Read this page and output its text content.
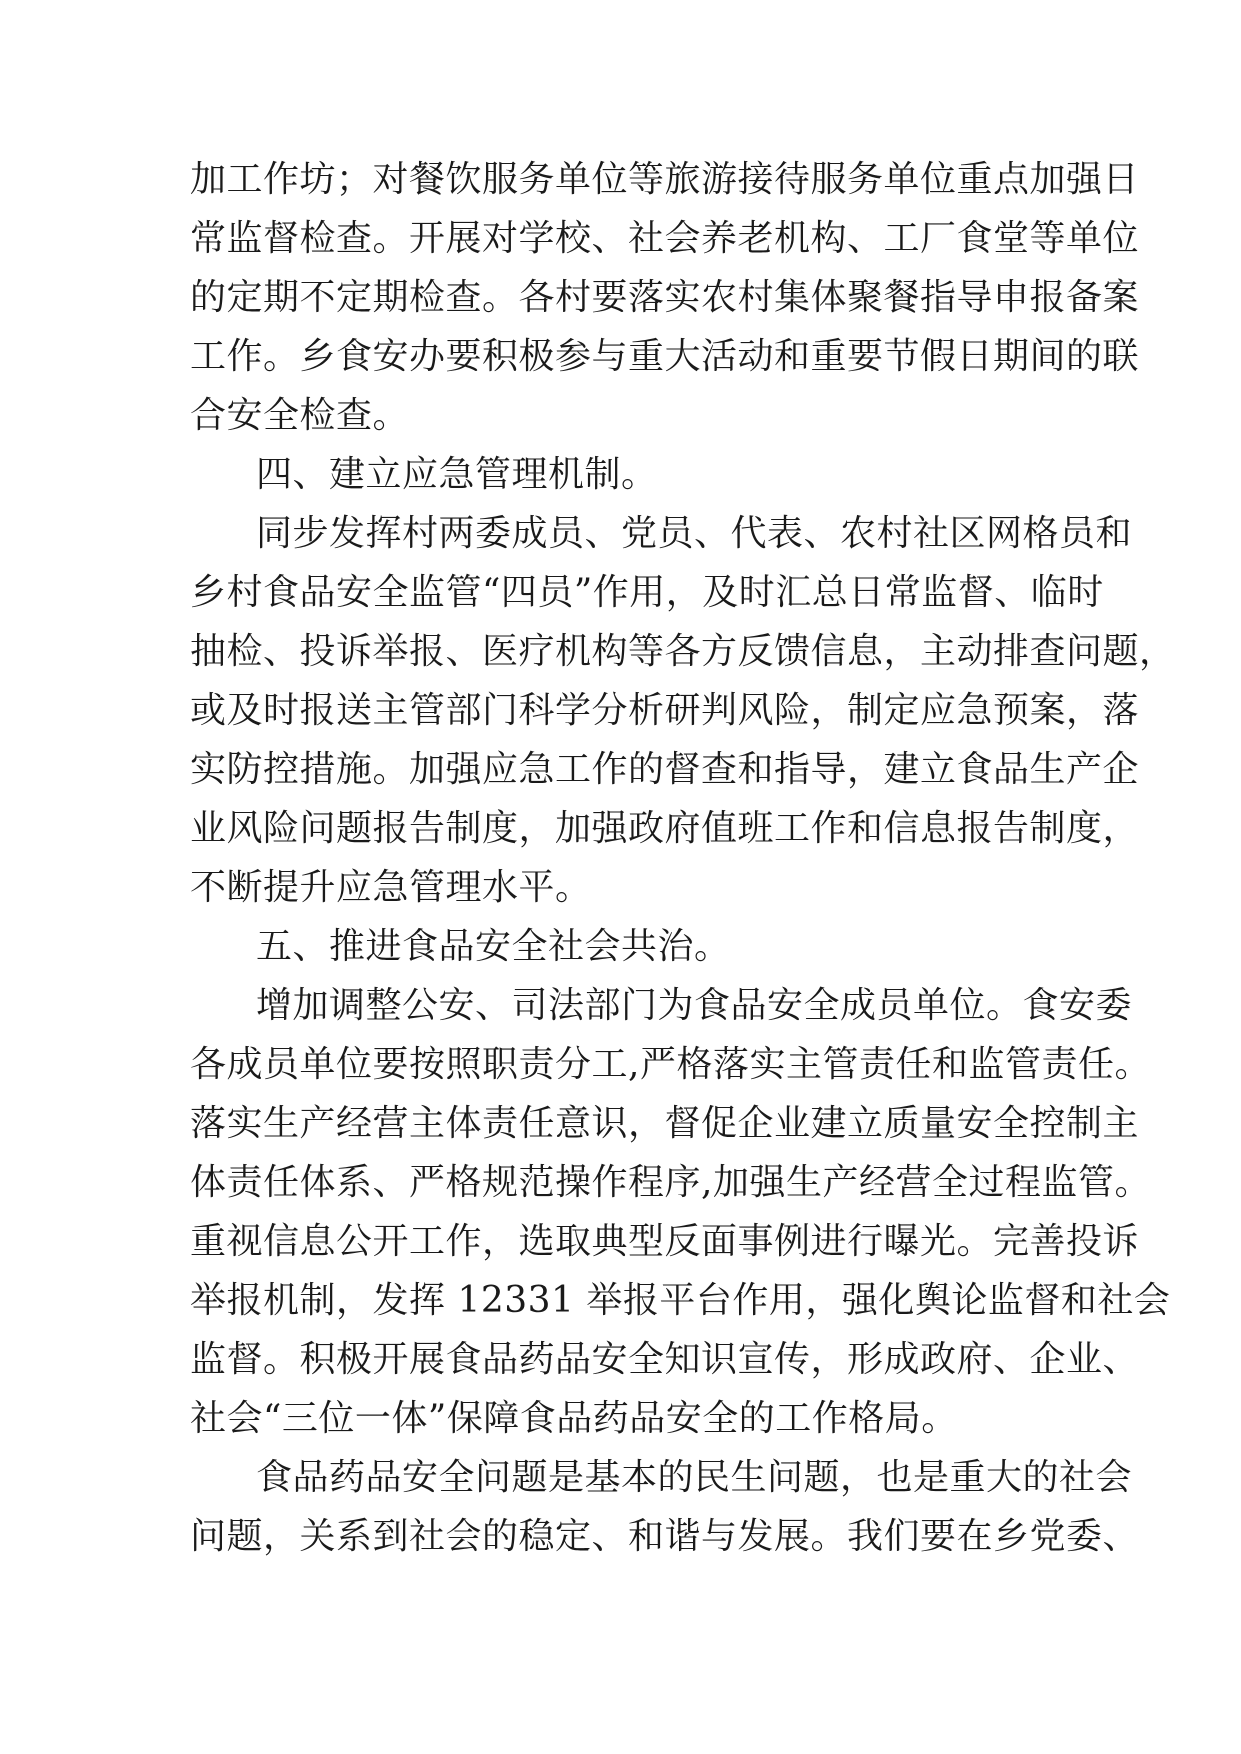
加工作坊；对餐饮服务单位等旅游接待服务单位重点加强日
常监督检查。开展对学校、社会养老机构、工厂食堂等单位
的定期不定期检查。各村要落实农村集体聚餐指导申报备案
工作。乡食安办要积极参与重大活动和重要节假日期间的联
合安全检查。
四、建立应急管理机制。
同步发挥村两委成员、党员、代表、农村社区网格员和
乡村食品安全监管“四员”作用，及时汇总日常监督、临时
抽检、投诉举报、医疗机构等各方反馈信息，主动排查问题，
或及时报送主管部门科学分析研判风险，制定应急预案，落
实防控措施。加强应急工作的督查和指导，建立食品生产企
业风险问题报告制度，加强政府值班工作和信息报告制度，
不断提升应急管理水平。
五、推进食品安全社会共治。
增加调整公安、司法部门为食品安全成员单位。食安委
各成员单位要按照职责分工,严格落实主管责任和监管责任。
落实生产经营主体责任意识，督促企业建立质量安全控制主
体责任体系、严格规范操作程序,加强生产经营全过程监管。
重视信息公开工作，选取典型反面事例进行曝光。完善投诉
举报机制，发挥 12331 举报平台作用，强化舆论监督和社会
监督。积极开展食品药品安全知识宣传，形成政府、企业、
社会“三位一体”保障食品药品安全的工作格局。
食品药品安全问题是基本的民生问题，也是重大的社会
问题，关系到社会的稳定、和谐与发展。我们要在乡党委、
